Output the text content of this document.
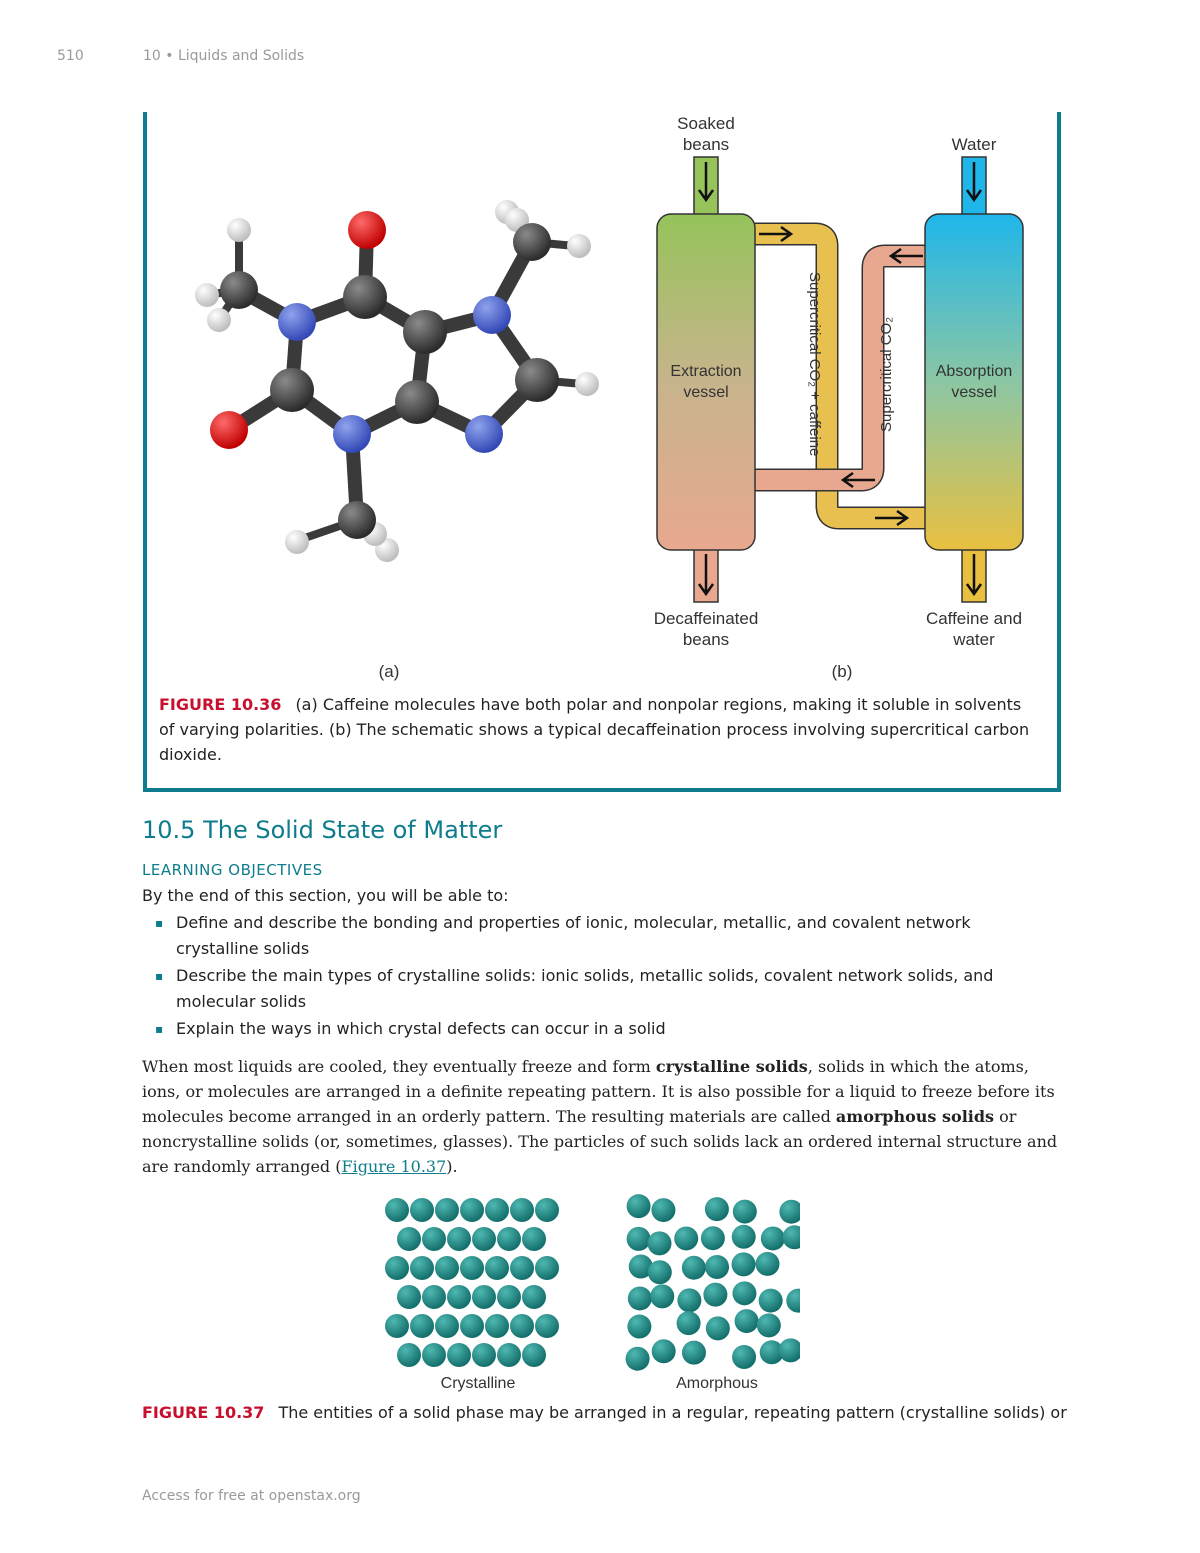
510	10 • Liquids and Solids
Soaked
beans	Water
Extraction
vessel
Absorption
vessel
Supercritical CO₂ + caffeine	Supercritical CO₂
Decaffeinated
beans
Caffeine and
water
(a)	(b)
FIGURE 10.36 (a) Caffeine molecules have both polar and nonpolar regions, making it soluble in solvents of varying polarities. (b) The schematic shows a typical decaffeination process involving supercritical carbon dioxide.
10.5 The Solid State of Matter
LEARNING OBJECTIVES
By the end of this section, you will be able to:
▪ Define and describe the bonding and properties of ionic, molecular, metallic, and covalent network crystalline solids
▪ Describe the main types of crystalline solids: ionic solids, metallic solids, covalent network solids, and molecular solids
▪ Explain the ways in which crystal defects can occur in a solid
When most liquids are cooled, they eventually freeze and form crystalline solids, solids in which the atoms, ions, or molecules are arranged in a definite repeating pattern. It is also possible for a liquid to freeze before its molecules become arranged in an orderly pattern. The resulting materials are called amorphous solids or noncrystalline solids (or, sometimes, glasses). The particles of such solids lack an ordered internal structure and are randomly arranged (Figure 10.37).
Crystalline	Amorphous
FIGURE 10.37 The entities of a solid phase may be arranged in a regular, repeating pattern (crystalline solids) or
Access for free at openstax.org
